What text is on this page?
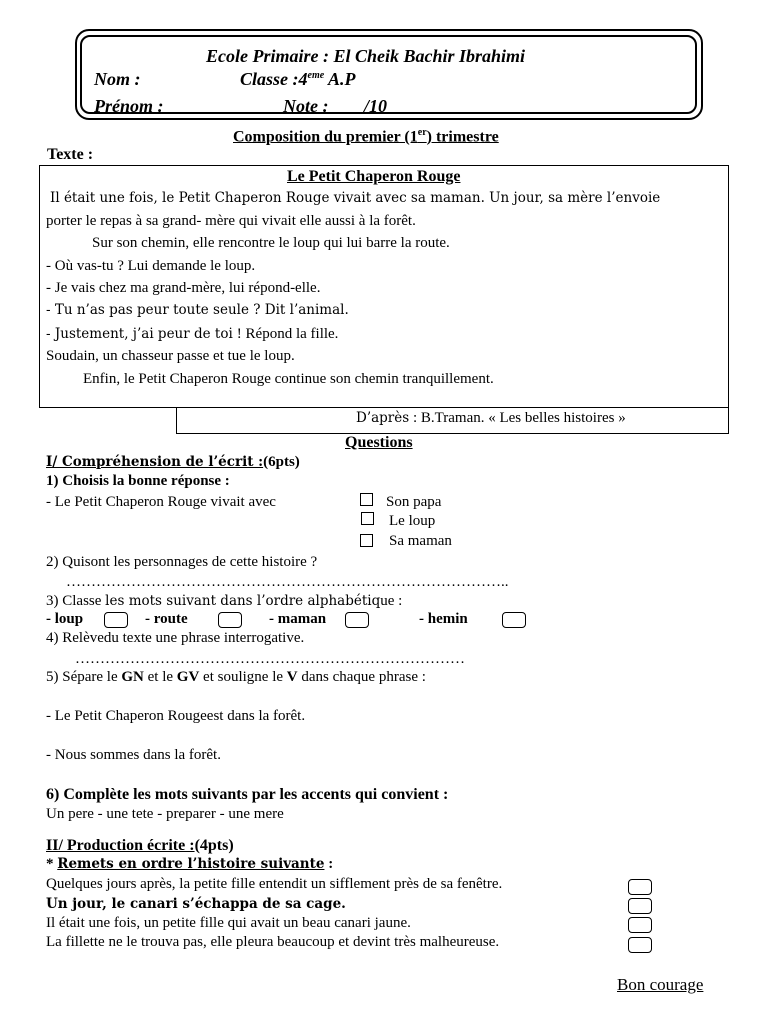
Ecole Primaire : El Cheik Bachir Ibrahimi
Nom :	Classe :4eme A.P
Prénom :	Note : /10
Composition du premier (1er) trimestre
Texte :
Le Petit Chaperon Rouge
Il était une fois, le Petit Chaperon Rouge vivait avec sa maman. Un jour, sa mère l’envoie
porter le repas à sa grand- mère qui vivait elle aussi à la forêt.
Sur son chemin, elle rencontre le loup qui lui barre la route.
- Où vas-tu ? Lui demande le loup.
- Je vais chez ma grand-mère, lui répond-elle.
- Tu n’as pas peur toute seule ? Dit l’animal.
- Justement, j’ai peur de toi ! Répond la fille.
Soudain, un chasseur passe et tue le loup.
Enfin, le Petit Chaperon Rouge continue son chemin tranquillement.
D’après : B.Traman. « Les belles histoires »
Questions
I/ Compréhension de l’écrit :(6pts)
1) Choisis la bonne réponse :
- Le Petit Chaperon Rouge vivait avec	Son papa
Le loup
Sa maman
2) Quisont les personnages de cette histoire ?
……………………………………………………………………………..
3) Classe les mots suivant dans l’ordre alphabétique :
- loup	- route	- maman	- hemin
4) Relèvedu texte une phrase interrogative.
……………………………………………………………………
5) Sépare le GN et le GV et souligne le V dans chaque phrase :
- Le Petit Chaperon Rougeest dans la forêt.
- Nous sommes dans la forêt.
6) Complète les mots suivants par les accents qui convient :
Un pere - une tete - preparer - une mere
II/ Production écrite :(4pts)
* Remets en ordre l’histoire suivante :
Quelques jours après, la petite fille entendit un sifflement près de sa fenêtre.
Un jour, le canari s’échappa de sa cage.
Il était une fois, un petite fille qui avait un beau canari jaune.
La fillette ne le trouva pas, elle pleura beaucoup et devint très malheureuse.
Bon courage
